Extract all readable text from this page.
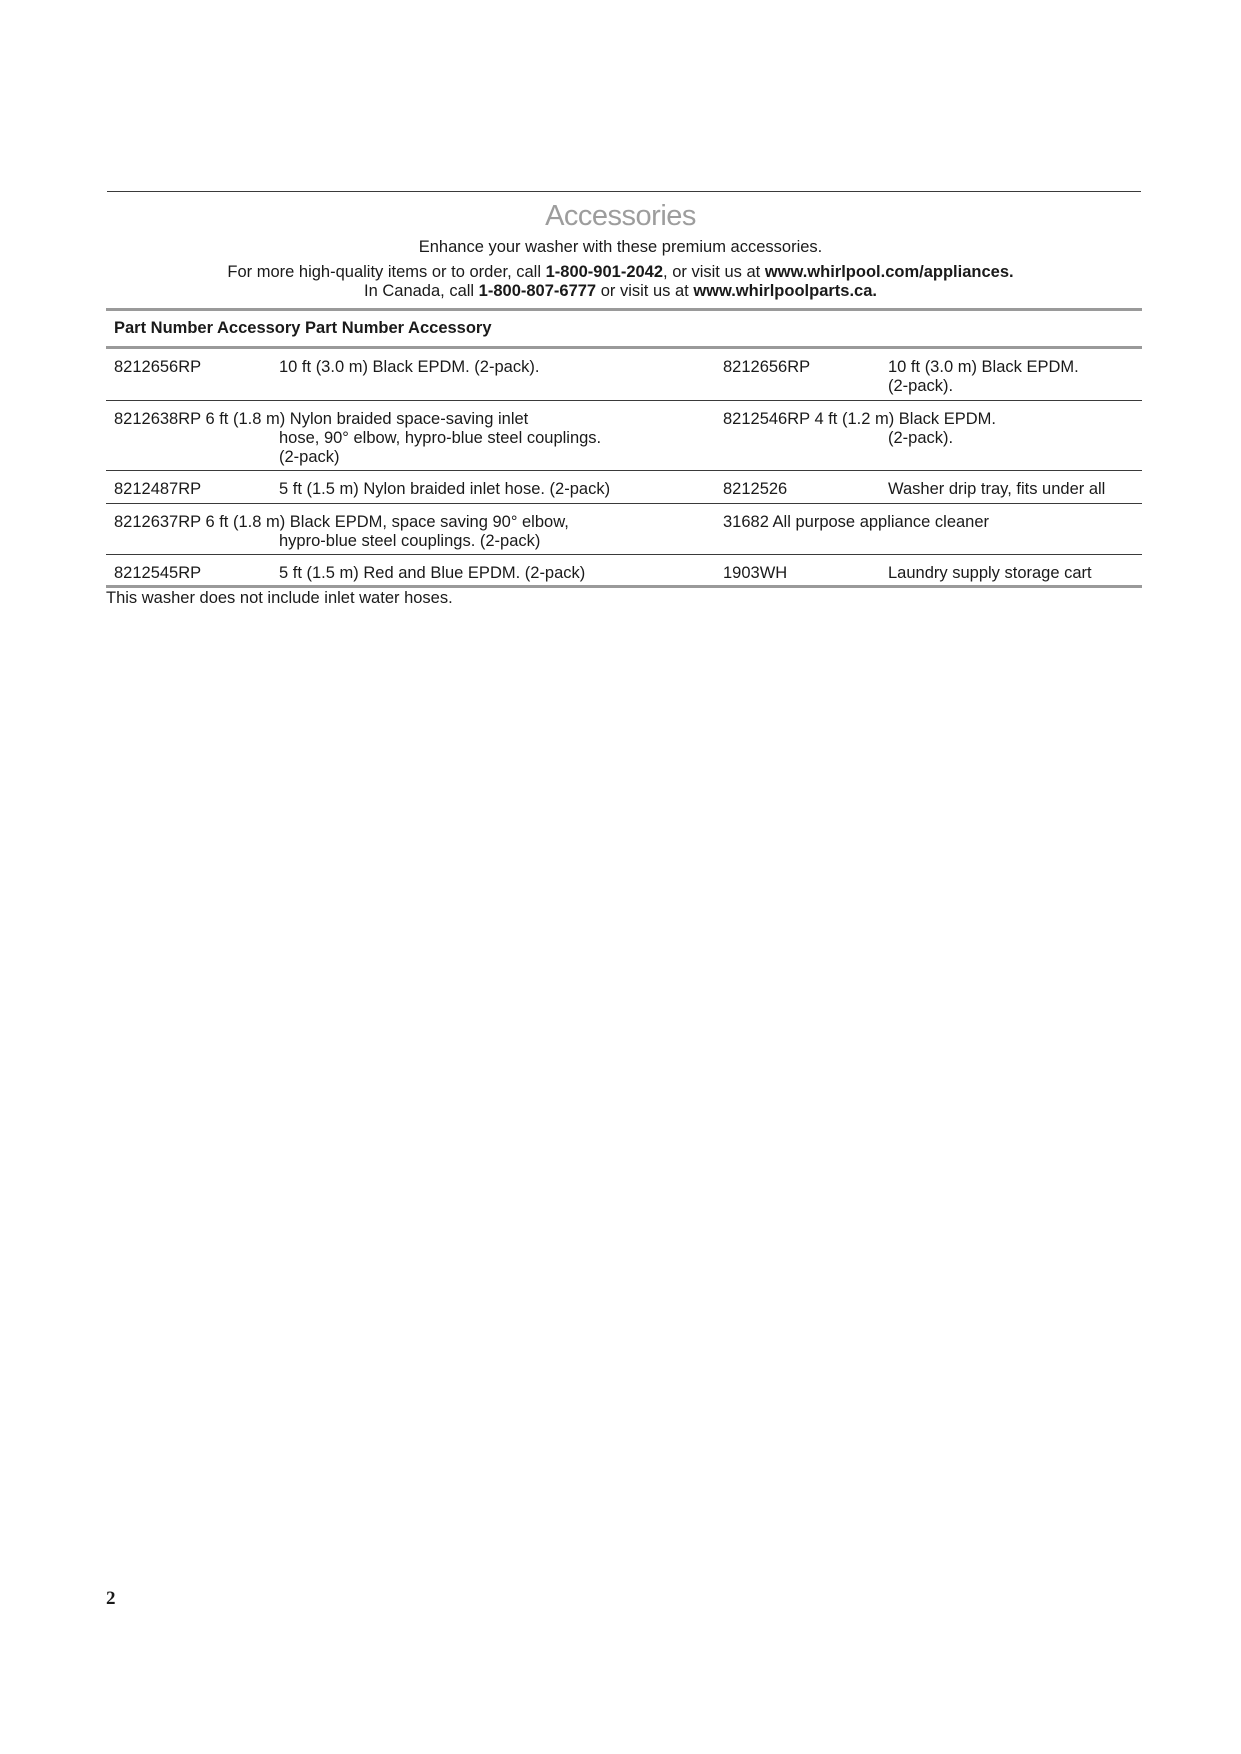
Accessories
Enhance your washer with these premium accessories.
For more high-quality items or to order, call 1-800-901-2042, or visit us at www.whirlpool.com/appliances.
In Canada, call 1-800-807-6777 or visit us at www.whirlpoolparts.ca.
Part Number Accessory Part Number Accessory
8212656RP	10 ft (3.0 m) Black EPDM. (2-pack).	8212656RP	10 ft (3.0 m) Black EPDM.
(2-pack).
8212638RP 6 ft (1.8 m) Nylon braided space-saving inlet

hose, 90° elbow, hypro-blue steel couplings.
(2-pack)
8212546RP 4 ft (1.2 m) Black EPDM.

(2-pack).
8212487RP	5 ft (1.5 m) Nylon braided inlet hose. (2-pack)	8212526	Washer drip tray, fits under all
8212637RP 6 ft (1.8 m) Black EPDM, space saving 90° elbow,

hypro-blue steel couplings. (2-pack)
31682 All purpose appliance cleaner
8212545RP	5 ft (1.5 m) Red and Blue EPDM. (2-pack)	1903WH	Laundry supply storage cart
This washer does not include inlet water hoses.
2
